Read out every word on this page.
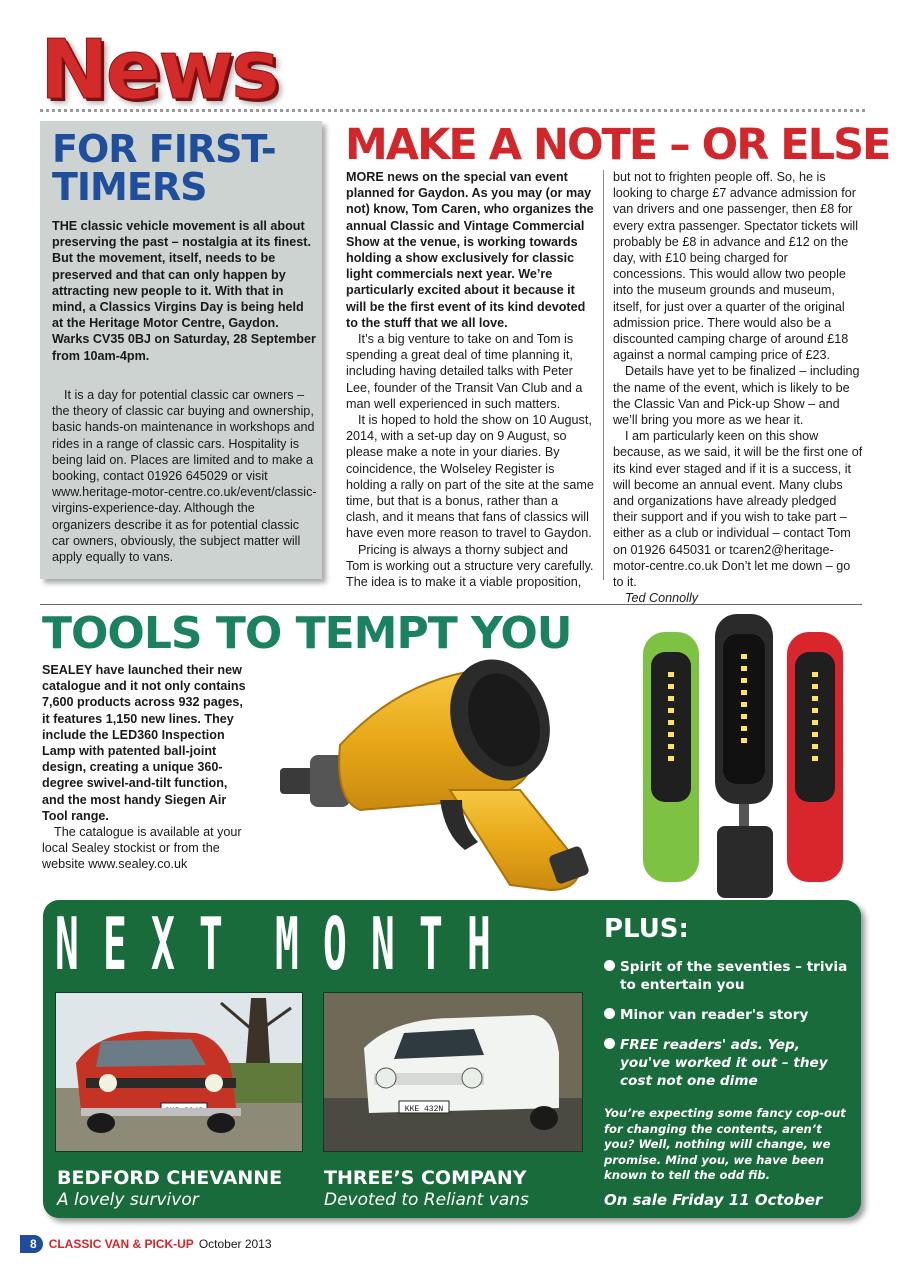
News
FOR FIRST-TIMERS

THE classic vehicle movement is all about preserving the past – nostalgia at its finest. But the movement, itself, needs to be preserved and that can only happen by attracting new people to it. With that in mind, a Classics Virgins Day is being held at the Heritage Motor Centre, Gaydon. Warks CV35 0BJ on Saturday, 28 September from 10am-4pm.

It is a day for potential classic car owners – the theory of classic car buying and ownership, basic hands-on maintenance in workshops and rides in a range of classic cars. Hospitality is being laid on. Places are limited and to make a booking, contact 01926 645029 or visit www.heritage-motor-centre.co.uk/event/classic-virgins-experience-day. Although the organizers describe it as for potential classic car owners, obviously, the subject matter will apply equally to vans.

MAKE A NOTE – OR ELSE

MORE news on the special van event planned for Gaydon. As you may (or may not) know, Tom Caren, who organizes the annual Classic and Vintage Commercial Show at the venue, is working towards holding a show exclusively for classic light commercials next year. We’re particularly excited about it because it will be the first event of its kind devoted to the stuff that we all love.

It’s a big venture to take on and Tom is spending a great deal of time planning it, including having detailed talks with Peter Lee, founder of the Transit Van Club and a man well experienced in such matters.

It is hoped to hold the show on 10 August, 2014, with a set-up day on 9 August, so please make a note in your diaries. By coincidence, the Wolseley Register is holding a rally on part of the site at the same time, but that is a bonus, rather than a clash, and it means that fans of classics will have even more reason to travel to Gaydon.

Pricing is always a thorny subject and Tom is working out a structure very carefully. The idea is to make it a viable proposition,

but not to frighten people off. So, he is looking to charge £7 advance admission for van drivers and one passenger, then £8 for every extra passenger. Spectator tickets will probably be £8 in advance and £12 on the day, with £10 being charged for concessions. This would allow two people into the museum grounds and museum, itself, for just over a quarter of the original admission price. There would also be a discounted camping charge of around £18 against a normal camping price of £23.

Details have yet to be finalized – including the name of the event, which is likely to be the Classic Van and Pick-up Show – and we’ll bring you more as we hear it.

I am particularly keen on this show because, as we said, it will be the first one of its kind ever staged and if it is a success, it will become an annual event. Many clubs and organizations have already pledged their support and if you wish to take part – either as a club or individual – contact Tom on 01926 645031 or tcaren2@heritage-motor-centre.co.uk Don’t let me down – go to it.

Ted Connolly

TOOLS TO TEMPT YOU

SEALEY have launched their new catalogue and it not only contains 7,600 products across 932 pages, it features 1,150 new lines. They include the LED360 Inspection Lamp with patented ball-joint design, creating a unique 360-degree swivel-and-tilt function, and the most handy Siegen Air Tool range.

The catalogue is available at your local Sealey stockist or from the website www.sealey.co.uk

N E X T M O N T H
KKE 432N
BEDFORD CHEVANNE
A lovely survivor
THREE’S COMPANY
Devoted to Reliant vans
PLUS:
Spirit of the seventies – trivia to entertain you
Minor van reader's story
FREE readers' ads. Yep, you've worked it out – they cost not one dime
You’re expecting some fancy cop-out for changing the contents, aren’t you? Well, nothing will change, we promise. Mind you, we have been known to tell the odd fib.
On sale Friday 11 October
8	CLASSIC VAN & PICK-UP October 2013
